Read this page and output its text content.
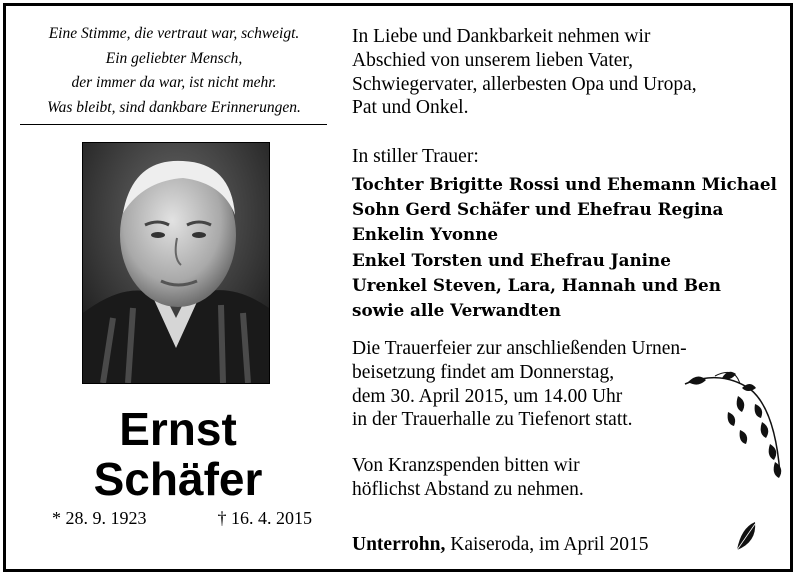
Eine Stimme, die vertraut war, schweigt.
Ein geliebter Mensch,
der immer da war, ist nicht mehr.
Was bleibt, sind dankbare Erinnerungen.
Ernst
Schäfer
* 28. 9. 1923	† 16. 4. 2015
In Liebe und Dankbarkeit nehmen wir
Abschied von unserem lieben Vater,
Schwiegervater, allerbesten Opa und Uropa,
Pat und Onkel.
In stiller Trauer:
Tochter Brigitte Rossi und Ehemann Michael
Sohn Gerd Schäfer und Ehefrau Regina
Enkelin Yvonne
Enkel Torsten und Ehefrau Janine
Urenkel Steven, Lara, Hannah und Ben
sowie alle Verwandten
Die Trauerfeier zur anschließenden Urnen-
beisetzung findet am Donnerstag,
dem 30. April 2015, um 14.00 Uhr
in der Trauerhalle zu Tiefenort statt.
Von Kranzspenden bitten wir
höflichst Abstand zu nehmen.
Unterrohn, Kaiseroda, im April 2015
